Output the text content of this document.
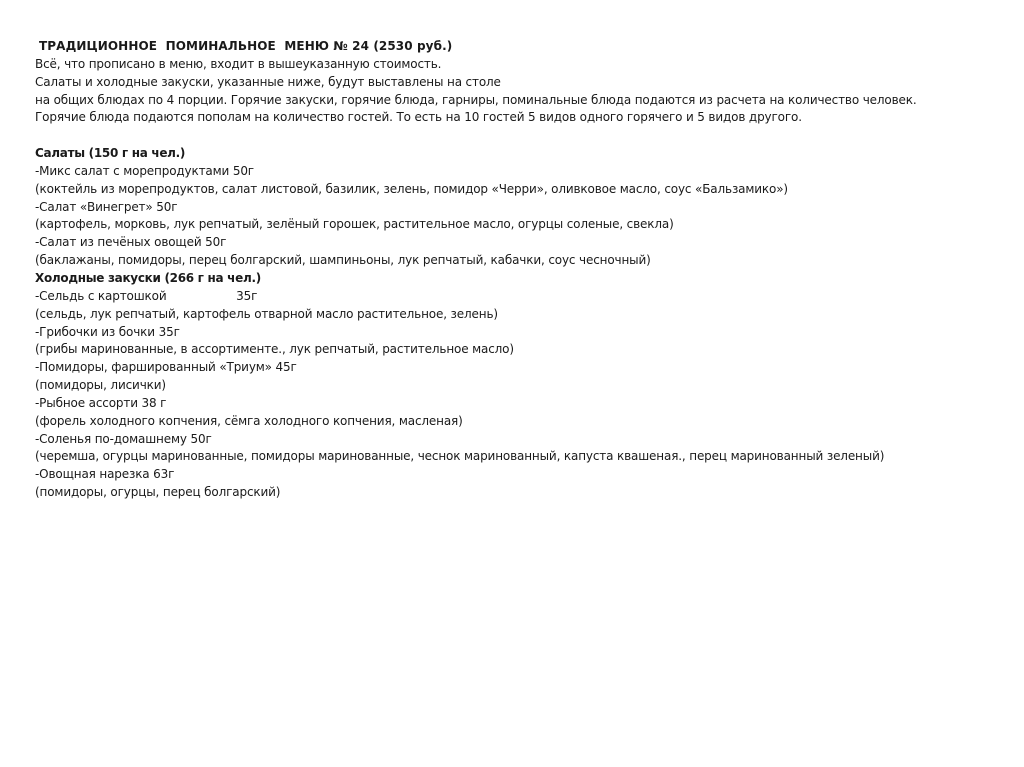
ТРАДИЦИОННОЕ  ПОМИНАЛЬНОЕ  МЕНЮ № 24 (2530 руб.)
Всё, что прописано в меню, входит в вышеуказанную стоимость.
Салаты и холодные закуски, указанные ниже, будут выставлены на столе
на общих блюдах по 4 порции. Горячие закуски, горячие блюда, гарниры, поминальные блюда подаются из расчета на количество человек.
Горячие блюда подаются пополам на количество гостей. То есть на 10 гостей 5 видов одного горячего и 5 видов другого.
Салаты (150 г на чел.)
-Микс салат с морепродуктами 50г
(коктейль из морепродуктов, салат листовой, базилик, зелень, помидор «Черри», оливковое масло, соус «Бальзамико»)
-Салат «Винегрет» 50г
(картофель, морковь, лук репчатый, зелёный горошек, растительное масло, огурцы соленые, свекла)
-Салат из печёных овощей 50г
(баклажаны, помидоры, перец болгарский, шампиньоны, лук репчатый, кабачки, соус чесночный)
Холодные закуски (266 г на чел.)
-Сельдь с картошкой                   35г
(сельдь, лук репчатый, картофель отварной масло растительное, зелень)
-Грибочки из бочки 35г
(грибы маринованные, в ассортименте., лук репчатый, растительное масло)
-Помидоры, фаршированный «Триум» 45г
(помидоры, лисички)
-Рыбное ассорти 38 г
(форель холодного копчения, сёмга холодного копчения, масленая)
-Соленья по-домашнему 50г
(черемша, огурцы маринованные, помидоры маринованные, чеснок маринованный, капуста квашеная., перец маринованный зеленый)
-Овощная нарезка 63г
(помидоры, огурцы, перец болгарский)
